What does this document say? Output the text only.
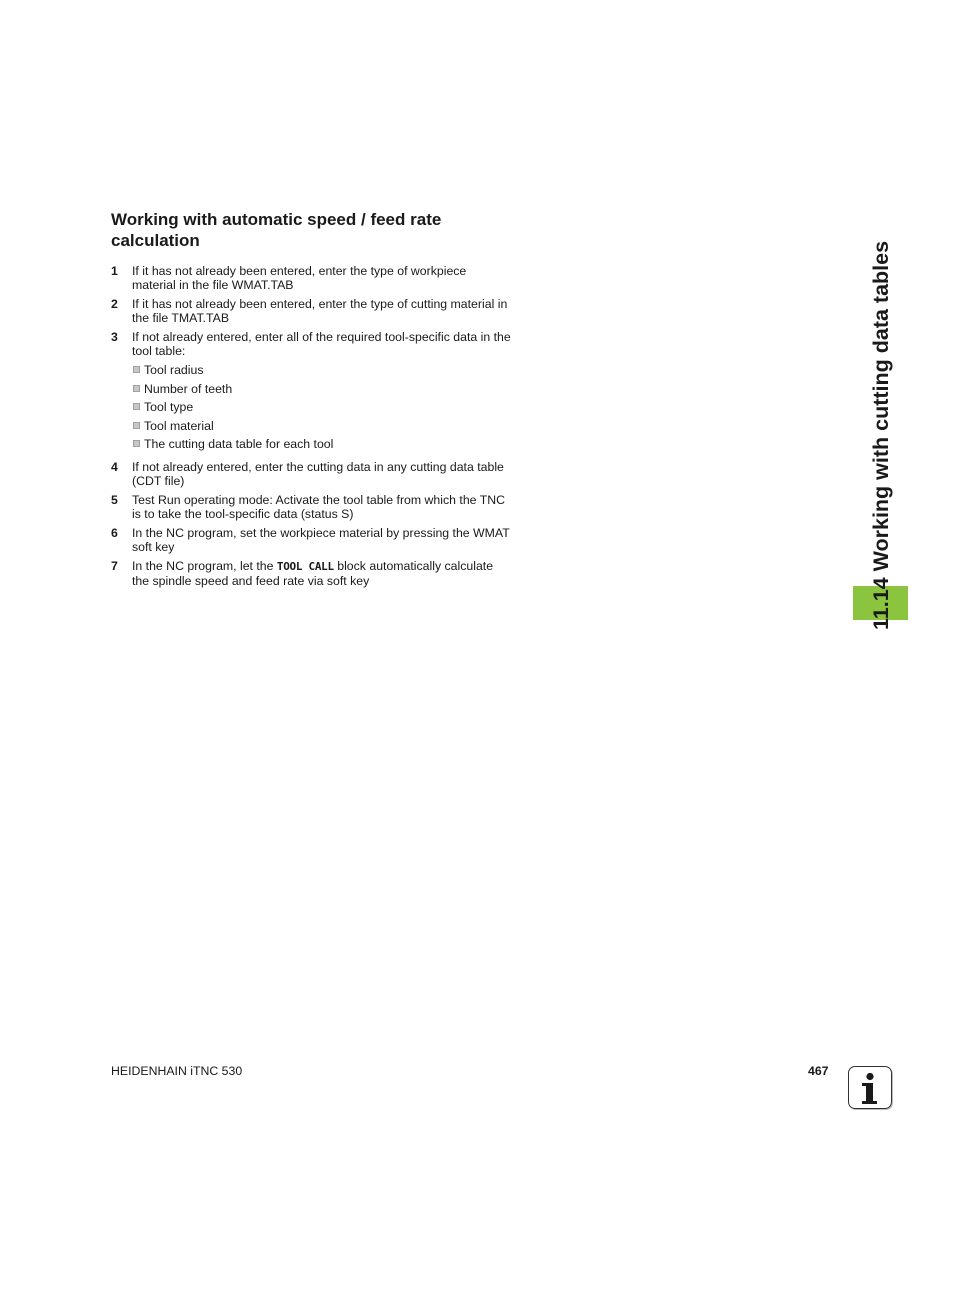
Working with automatic speed / feed rate calculation
1 If it has not already been entered, enter the type of workpiece material in the file WMAT.TAB
2 If it has not already been entered, enter the type of cutting material in the file TMAT.TAB
3 If not already entered, enter all of the required tool-specific data in the tool table:
Tool radius
Number of teeth
Tool type
Tool material
The cutting data table for each tool
4 If not already entered, enter the cutting data in any cutting data table (CDT file)
5 Test Run operating mode: Activate the tool table from which the TNC is to take the tool-specific data (status S)
6 In the NC program, set the workpiece material by pressing the WMAT soft key
7 In the NC program, let the TOOL CALL block automatically calculate the spindle speed and feed rate via soft key	11.14 Working with cutting data tables
HEIDENHAIN iTNC 530	467
